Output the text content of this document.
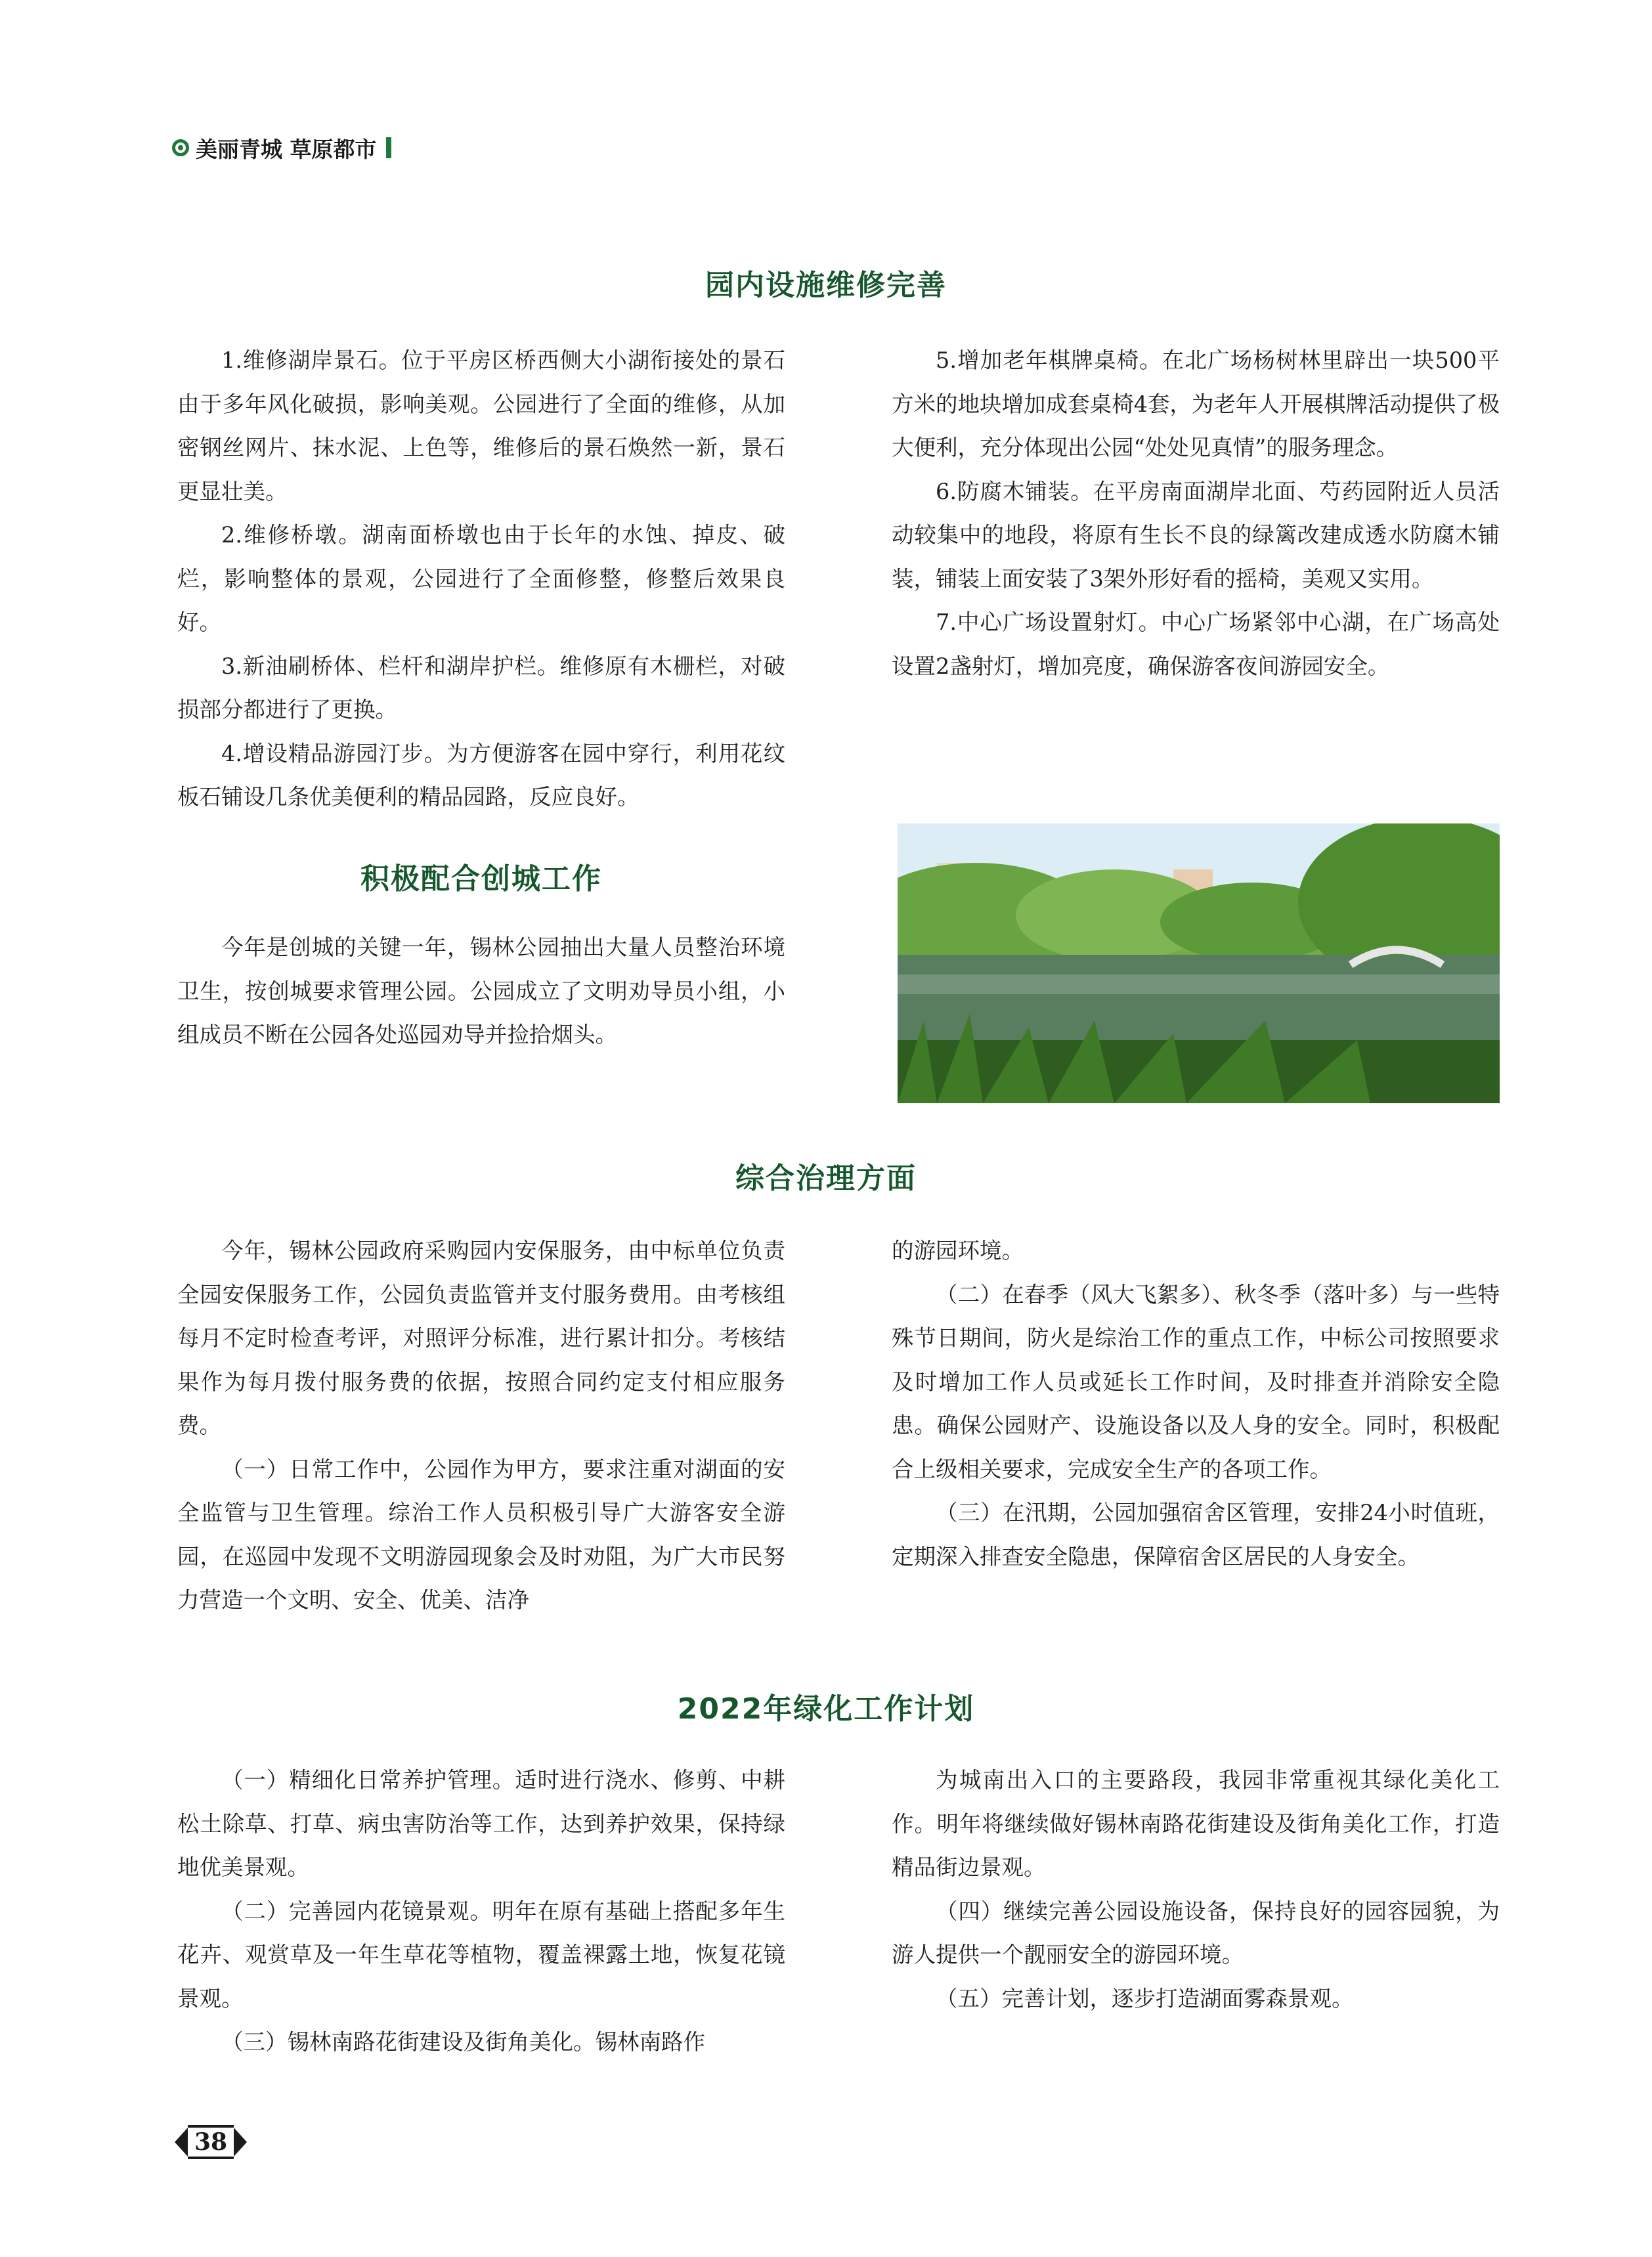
美丽青城 草原都市
园内设施维修完善

1.维修湖岸景石。位于平房区桥西侧大小湖衔接处的景石由于多年风化破损，影响美观。公园进行了全面的维修，从加密钢丝网片、抹水泥、上色等，维修后的景石焕然一新，景石更显壮美。

2.维修桥墩。湖南面桥墩也由于长年的水蚀、掉皮、破烂，影响整体的景观，公园进行了全面修整，修整后效果良好。

3.新油刷桥体、栏杆和湖岸护栏。维修原有木栅栏，对破损部分都进行了更换。

4.增设精品游园汀步。为方便游客在园中穿行，利用花纹板石铺设几条优美便利的精品园路，反应良好。

5.增加老年棋牌桌椅。在北广场杨树林里辟出一块500平方米的地块增加成套桌椅4套，为老年人开展棋牌活动提供了极大便利，充分体现出公园“处处见真情”的服务理念。

6.防腐木铺装。在平房南面湖岸北面、芍药园附近人员活动较集中的地段，将原有生长不良的绿篱改建成透水防腐木铺装，铺装上面安装了3架外形好看的摇椅，美观又实用。

7.中心广场设置射灯。中心广场紧邻中心湖，在广场高处设置2盏射灯，增加亮度，确保游客夜间游园安全。

积极配合创城工作

今年是创城的关键一年，锡林公园抽出大量人员整治环境卫生，按创城要求管理公园。公园成立了文明劝导员小组，小组成员不断在公园各处巡园劝导并捡拾烟头。

综合治理方面

今年，锡林公园政府采购园内安保服务，由中标单位负责全园安保服务工作，公园负责监管并支付服务费用。由考核组每月不定时检查考评，对照评分标准，进行累计扣分。考核结果作为每月拨付服务费的依据，按照合同约定支付相应服务费。

（一）日常工作中，公园作为甲方，要求注重对湖面的安全监管与卫生管理。综治工作人员积极引导广大游客安全游园，在巡园中发现不文明游园现象会及时劝阻，为广大市民努力营造一个文明、安全、优美、洁净

的游园环境。

（二）在春季（风大飞絮多）、秋冬季（落叶多）与一些特殊节日期间，防火是综治工作的重点工作，中标公司按照要求及时增加工作人员或延长工作时间，及时排查并消除安全隐患。确保公园财产、设施设备以及人身的安全。同时，积极配合上级相关要求，完成安全生产的各项工作。

（三）在汛期，公园加强宿舍区管理，安排24小时值班，定期深入排查安全隐患，保障宿舍区居民的人身安全。

2022年绿化工作计划

（一）精细化日常养护管理。适时进行浇水、修剪、中耕松土除草、打草、病虫害防治等工作，达到养护效果，保持绿地优美景观。

（二）完善园内花镜景观。明年在原有基础上搭配多年生花卉、观赏草及一年生草花等植物，覆盖裸露土地，恢复花镜景观。

（三）锡林南路花街建设及街角美化。锡林南路作

为城南出入口的主要路段，我园非常重视其绿化美化工作。明年将继续做好锡林南路花街建设及街角美化工作，打造精品街边景观。

（四）继续完善公园设施设备，保持良好的园容园貌，为游人提供一个靓丽安全的游园环境。

（五）完善计划，逐步打造湖面雾森景观。

38
